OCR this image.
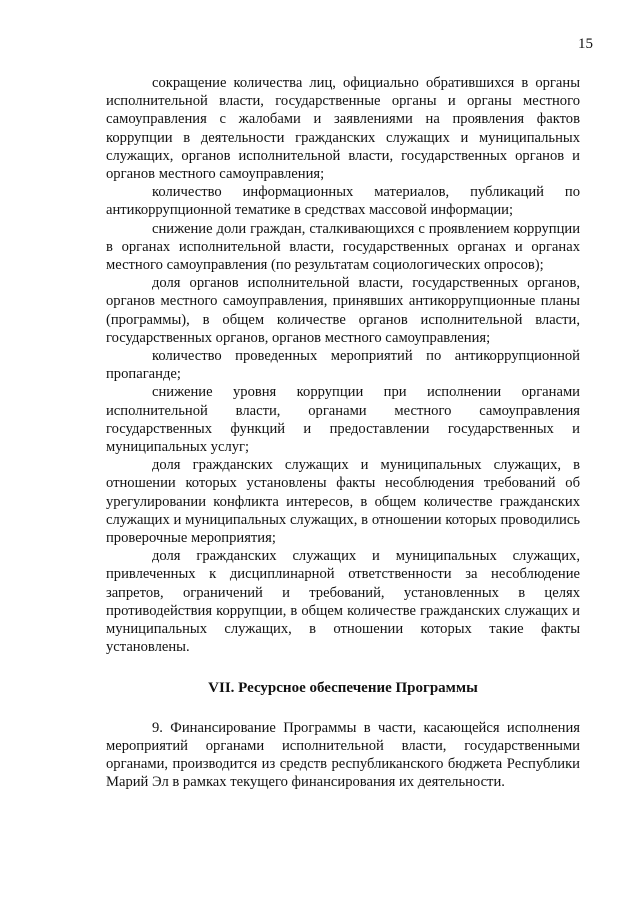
15

сокращение количества лиц, официально обратившихся в органы исполнительной власти, государственные органы и органы местного самоуправления с жалобами и заявлениями на проявления фактов коррупции в деятельности гражданских служащих и муниципальных служащих, органов исполнительной власти, государственных органов и органов местного самоуправления;

количество информационных материалов, публикаций по антикоррупционной тематике в средствах массовой информации;

снижение доли граждан, сталкивающихся с проявлением коррупции в органах исполнительной власти, государственных органах и органах местного самоуправления (по результатам социологических опросов);

доля органов исполнительной власти, государственных органов, органов местного самоуправления, принявших антикоррупционные планы (программы), в общем количестве органов исполнительной власти, государственных органов, органов местного самоуправления;

количество проведенных мероприятий по антикоррупционной пропаганде;

снижение уровня коррупции при исполнении органами исполнительной власти, органами местного самоуправления государственных функций и предоставлении государственных и муниципальных услуг;

доля гражданских служащих и муниципальных служащих, в отношении которых установлены факты несоблюдения требований об урегулировании конфликта интересов, в общем количестве гражданских служащих и муниципальных служащих, в отношении которых проводились проверочные мероприятия;

доля гражданских служащих и муниципальных служащих, привлеченных к дисциплинарной ответственности за несоблюдение запретов, ограничений и требований, установленных в целях противодействия коррупции, в общем количестве гражданских служащих и муниципальных служащих, в отношении которых такие факты установлены.

VII. Ресурсное обеспечение Программы

9. Финансирование Программы в части, касающейся исполнения мероприятий органами исполнительной власти, государственными органами, производится из средств республиканского бюджета Республики Марий Эл в рамках текущего финансирования их деятельности.
